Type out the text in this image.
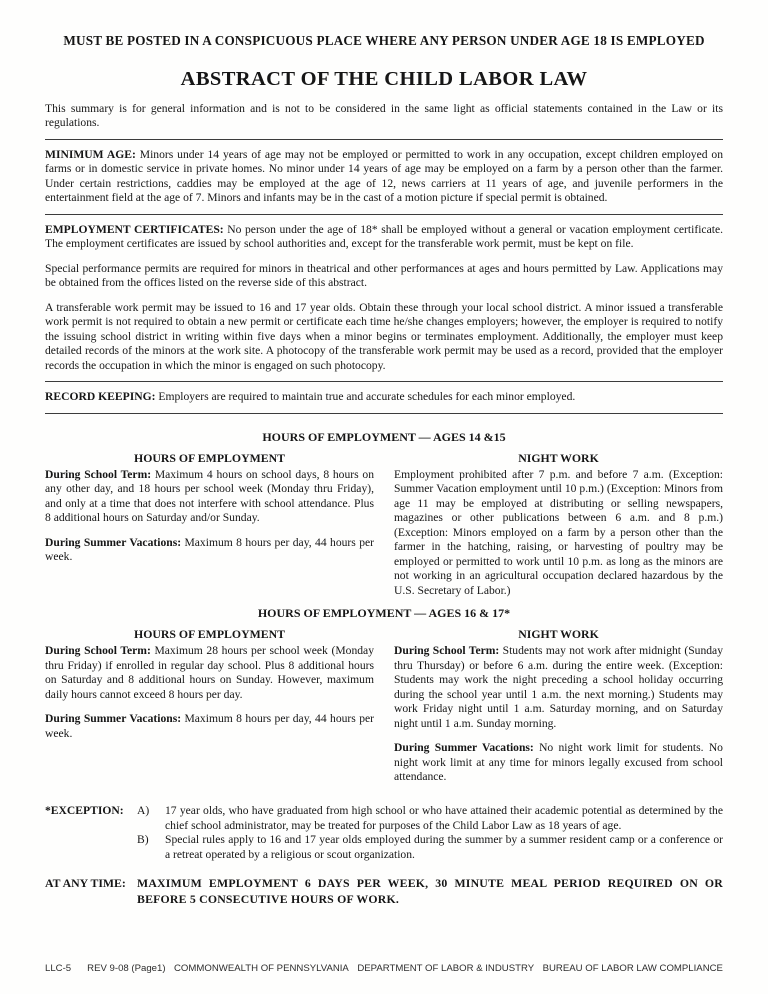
MUST BE POSTED IN A CONSPICUOUS PLACE WHERE ANY PERSON UNDER AGE 18 IS EMPLOYED
ABSTRACT OF THE CHILD LABOR LAW

This summary is for general information and is not to be considered in the same light as official statements contained in the Law or its regulations.

MINIMUM AGE: Minors under 14 years of age may not be employed or permitted to work in any occupation, except children employed on farms or in domestic service in private homes. No minor under 14 years of age may be employed on a farm by a person other than the farmer. Under certain restrictions, caddies may be employed at the age of 12, news carriers at 11 years of age, and juvenile performers in the entertainment field at the age of 7. Minors and infants may be in the cast of a motion picture if special permit is obtained.

EMPLOYMENT CERTIFICATES: No person under the age of 18* shall be employed without a general or vacation employment certificate. The employment certificates are issued by school authorities and, except for the transferable work permit, must be kept on file.

Special performance permits are required for minors in theatrical and other performances at ages and hours permitted by Law. Applications may be obtained from the offices listed on the reverse side of this abstract.

A transferable work permit may be issued to 16 and 17 year olds. Obtain these through your local school district. A minor issued a transferable work permit is not required to obtain a new permit or certificate each time he/she changes employers; however, the employer is required to notify the issuing school district in writing within five days when a minor begins or terminates employment. Additionally, the employer must keep detailed records of the minors at the work site. A photocopy of the transferable work permit may be used as a record, provided that the employer records the occupation in which the minor is engaged on such photocopy.

RECORD KEEPING: Employers are required to maintain true and accurate schedules for each minor employed.

HOURS OF EMPLOYMENT — AGES 14 &15
HOURS OF EMPLOYMENT

During School Term: Maximum 4 hours on school days, 8 hours on any other day, and 18 hours per school week (Monday thru Friday), and only at a time that does not interfere with school attendance. Plus 8 additional hours on Saturday and/or Sunday.

During Summer Vacations: Maximum 8 hours per day, 44 hours per week.

NIGHT WORK

Employment prohibited after 7 p.m. and before 7 a.m. (Exception: Summer Vacation employment until 10 p.m.) (Exception: Minors from age 11 may be employed at distributing or selling newspapers, magazines or other publications between 6 a.m. and 8 p.m.) (Exception: Minors employed on a farm by a person other than the farmer in the hatching, raising, or harvesting of poultry may be employed or permitted to work until 10 p.m. as long as the minors are not working in an agricultural occupation declared hazardous by the U.S. Secretary of Labor.)

HOURS OF EMPLOYMENT — AGES 16 & 17*
HOURS OF EMPLOYMENT

During School Term: Maximum 28 hours per school week (Monday thru Friday) if enrolled in regular day school. Plus 8 additional hours on Saturday and 8 additional hours on Sunday. However, maximum daily hours cannot exceed 8 hours per day.

During Summer Vacations: Maximum 8 hours per day, 44 hours per week.

NIGHT WORK

During School Term: Students may not work after midnight (Sunday thru Thursday) or before 6 a.m. during the entire week. (Exception: Students may work the night preceding a school holiday occurring during the school year until 1 a.m. the next morning.) Students may work Friday night until 1 a.m. Saturday morning, and on Saturday night until 1 a.m. Sunday morning.

During Summer Vacations: No night work limit for students. No night work limit at any time for minors legally excused from school attendance.

*EXCEPTION:	A)	17 year olds, who have graduated from high school or who have attained their academic potential as determined by the chief school administrator, may be treated for purposes of the Child Labor Law as 18 years of age.
B)	Special rules apply to 16 and 17 year olds employed during the summer by a summer resident camp or a conference or a retreat operated by a religious or scout organization.
AT ANY TIME: MAXIMUM EMPLOYMENT 6 DAYS PER WEEK, 30 MINUTE MEAL PERIOD REQUIRED ON OR BEFORE 5 CONSECUTIVE HOURS OF WORK.
LLC-5 REV 9-08 (Page1) COMMONWEALTH OF PENNSYLVANIA DEPARTMENT OF LABOR & INDUSTRY BUREAU OF LABOR LAW COMPLIANCE
